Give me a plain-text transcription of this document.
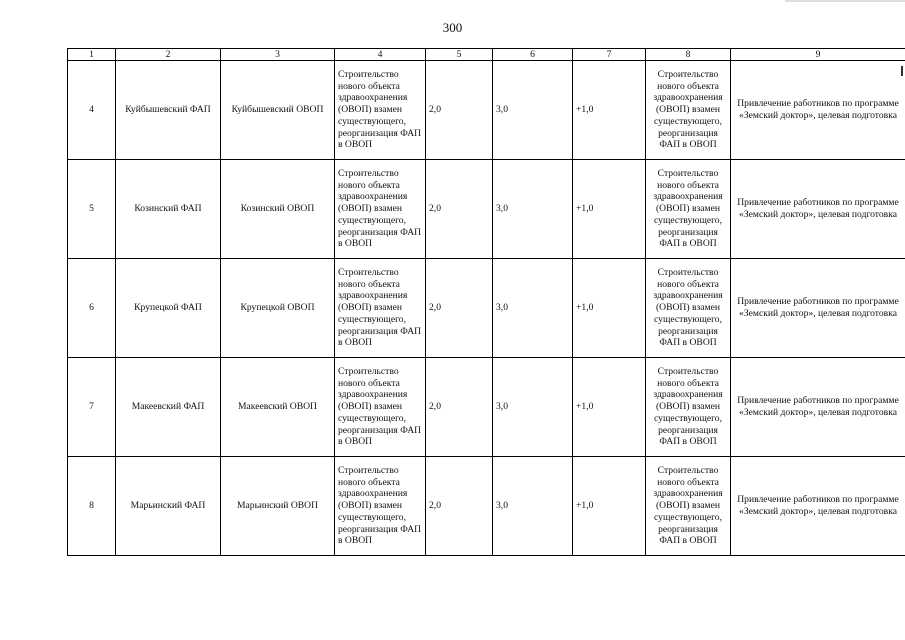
300
1	2	3	4	5	6	7	8	9
4	Куйбышевский ФАП	Куйбышевский ОВОП	Строительство нового объекта здравоохранения (ОВОП) взамен существующего, реорганизация ФАП в ОВОП	2,0	3,0	+1,0	Строительство нового объекта здравоохранения (ОВОП) взамен существующего, реорганизация ФАП в ОВОП	Привлечение работников по программе «Земский доктор», целевая подготовка
5	Козинский ФАП	Козинский ОВОП	Строительство нового объекта здравоохранения (ОВОП) взамен существующего, реорганизация ФАП в ОВОП	2,0	3,0	+1,0	Строительство нового объекта здравоохранения (ОВОП) взамен существующего, реорганизация ФАП в ОВОП	Привлечение работников по программе «Земский доктор», целевая подготовка
6	Крупецкой ФАП	Крупецкой ОВОП	Строительство нового объекта здравоохранения (ОВОП) взамен существующего, реорганизация ФАП в ОВОП	2,0	3,0	+1,0	Строительство нового объекта здравоохранения (ОВОП) взамен существующего, реорганизация ФАП в ОВОП	Привлечение работников по программе «Земский доктор», целевая подготовка
7	Макеевский ФАП	Макеевский ОВОП	Строительство нового объекта здравоохранения (ОВОП) взамен существующего, реорганизация ФАП в ОВОП	2,0	3,0	+1,0	Строительство нового объекта здравоохранения (ОВОП) взамен существующего, реорганизация ФАП в ОВОП	Привлечение работников по программе «Земский доктор», целевая подготовка
8	Марьинский ФАП	Марьинский ОВОП	Строительство нового объекта здравоохранения (ОВОП) взамен существующего, реорганизация ФАП в ОВОП	2,0	3,0	+1,0	Строительство нового объекта здравоохранения (ОВОП) взамен существующего, реорганизация ФАП в ОВОП	Привлечение работников по программе «Земский доктор», целевая подготовка
